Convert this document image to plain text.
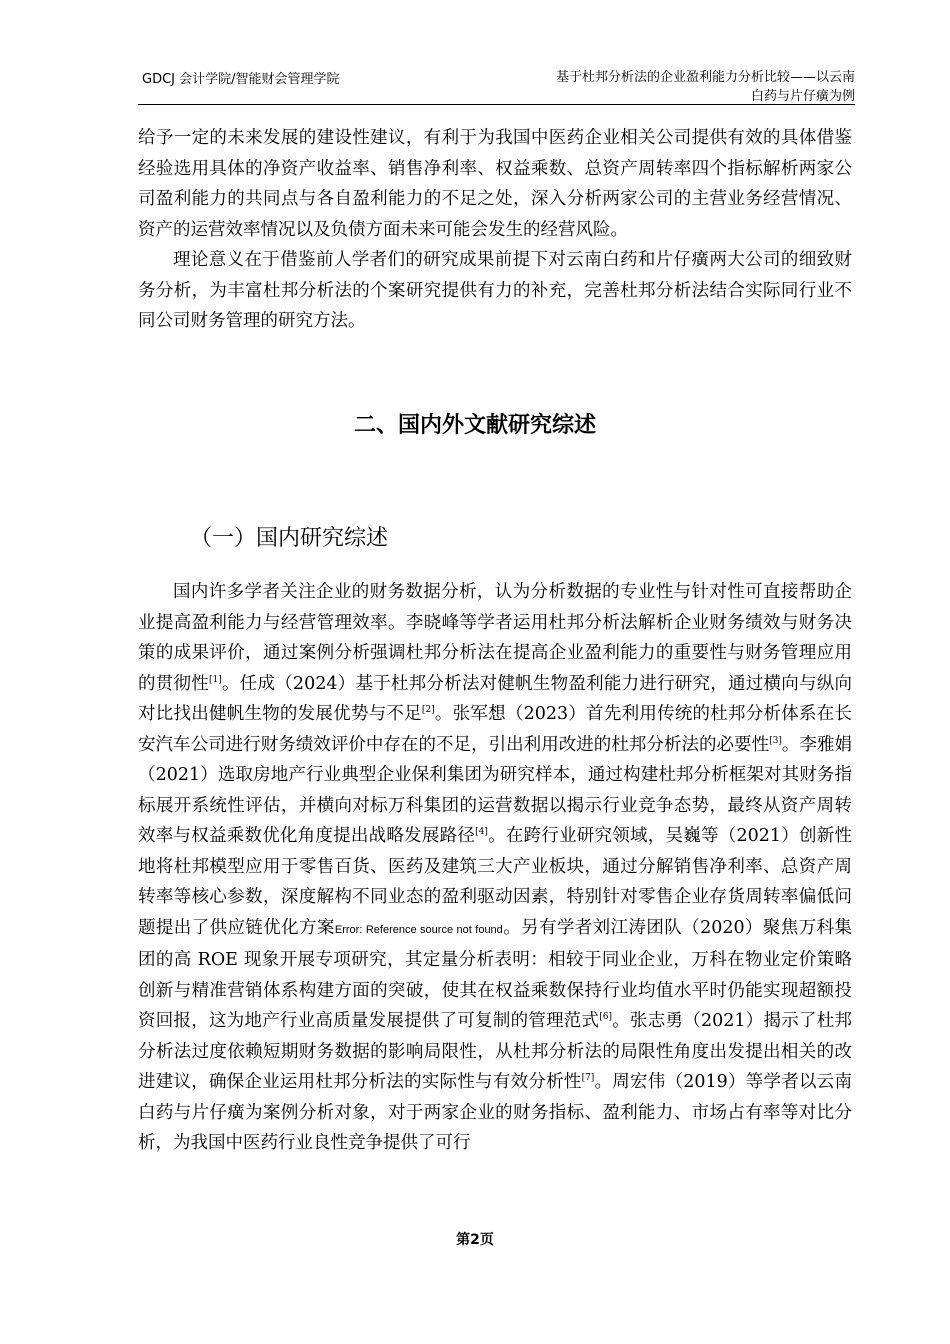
GDCJ 会计学院/智能财会管理学院	基于杜邦分析法的企业盈利能力分析比较——以云南
白药与片仔癀为例

给予一定的未来发展的建设性建议，有利于为我国中医药企业相关公司提供有效的具体借鉴经验选用具体的净资产收益率、销售净利率、权益乘数、总资产周转率四个指标解析两家公司盈利能力的共同点与各自盈利能力的不足之处，深入分析两家公司的主营业务经营情况、资产的运营效率情况以及负债方面未来可能会发生的经营风险。

理论意义在于借鉴前人学者们的研究成果前提下对云南白药和片仔癀两大公司的细致财务分析，为丰富杜邦分析法的个案研究提供有力的补充，完善杜邦分析法结合实际同行业不同公司财务管理的研究方法。

二、国内外文献研究综述
（一）国内研究综述

国内许多学者关注企业的财务数据分析，认为分析数据的专业性与针对性可直接帮助企业提高盈利能力与经营管理效率。李晓峰等学者运用杜邦分析法解析企业财务绩效与财务决策的成果评价，通过案例分析强调杜邦分析法在提高企业盈利能力的重要性与财务管理应用的贯彻性[1]。任成（2024）基于杜邦分析法对健帆生物盈利能力进行研究，通过横向与纵向对比找出健帆生物的发展优势与不足[2]。张军想（2023）首先利用传统的杜邦分析体系在长安汽车公司进行财务绩效评价中存在的不足，引出利用改进的杜邦分析法的必要性[3]。李雅娟（2021）选取房地产行业典型企业保利集团为研究样本，通过构建杜邦分析框架对其财务指标展开系统性评估，并横向对标万科集团的运营数据以揭示行业竞争态势，最终从资产周转效率与权益乘数优化角度提出战略发展路径[4]。在跨行业研究领域，吴巍等（2021）创新性地将杜邦模型应用于零售百货、医药及建筑三大产业板块，通过分解销售净利率、总资产周转率等核心参数，深度解构不同业态的盈利驱动因素，特别针对零售企业存货周转率偏低问题提出了供应链优化方案Error: Reference source not found。另有学者刘江涛团队（2020）聚焦万科集团的高 ROE 现象开展专项研究，其定量分析表明：相较于同业企业，万科在物业定价策略创新与精准营销体系构建方面的突破，使其在权益乘数保持行业均值水平时仍能实现超额投资回报，这为地产行业高质量发展提供了可复制的管理范式[6]。张志勇（2021）揭示了杜邦分析法过度依赖短期财务数据的影响局限性，从杜邦分析法的局限性角度出发提出相关的改进建议，确保企业运用杜邦分析法的实际性与有效分析性[7]。周宏伟（2019）等学者以云南白药与片仔癀为案例分析对象，对于两家企业的财务指标、盈利能力、市场占有率等对比分析，为我国中医药行业良性竞争提供了可行

第2页
